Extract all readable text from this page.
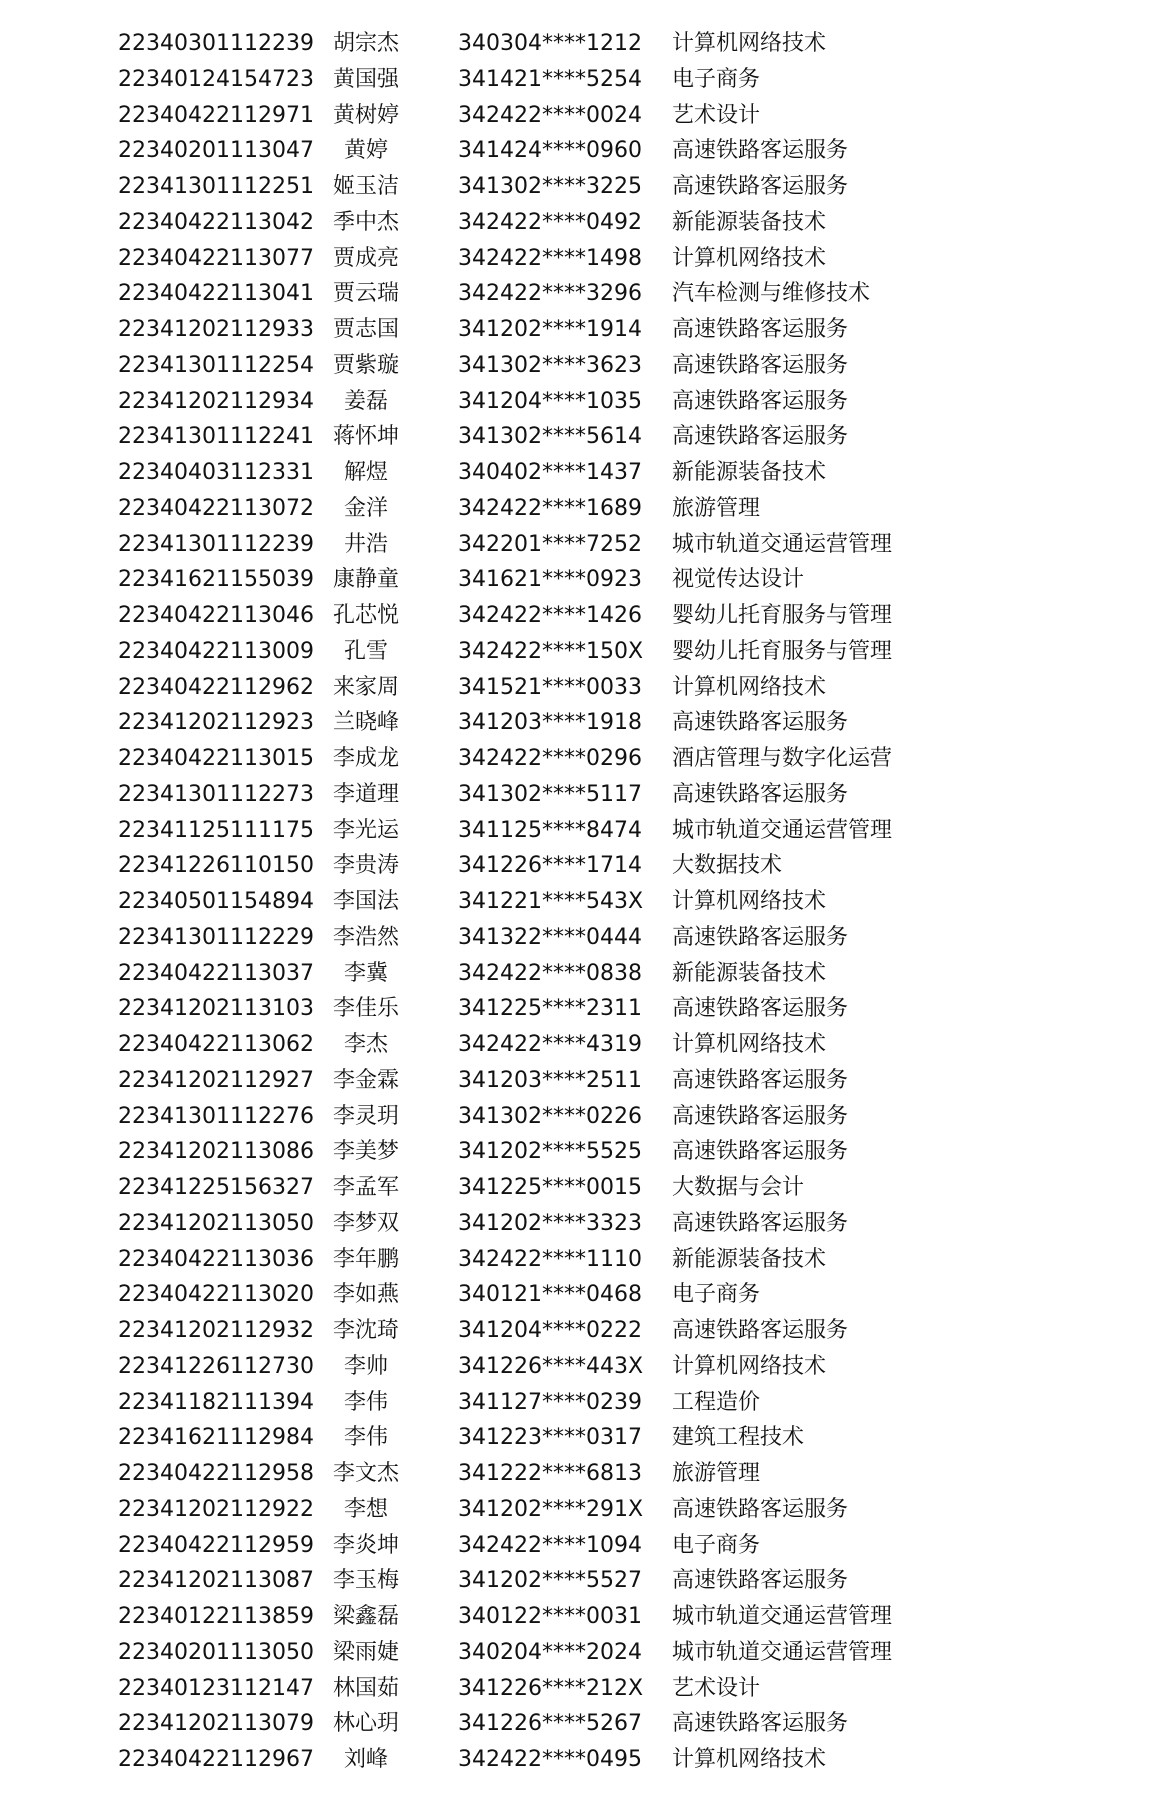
22340301112239 胡宗杰	340304****1212 计算机网络技术
22340124154723 黄国强	341421****5254 电子商务
22340422112971 黄树婷	342422****0024 艺术设计
22340201113047	黄婷	341424****0960 高速铁路客运服务
22341301112251 姬玉洁	341302****3225 高速铁路客运服务
22340422113042 季中杰	342422****0492 新能源装备技术
22340422113077 贾成亮	342422****1498 计算机网络技术
22340422113041 贾云瑞	342422****3296 汽车检测与维修技术
22341202112933 贾志国	341202****1914 高速铁路客运服务
22341301112254 贾紫璇	341302****3623 高速铁路客运服务
22341202112934	姜磊	341204****1035 高速铁路客运服务
22341301112241 蒋怀坤	341302****5614 高速铁路客运服务
22340403112331	解煜	340402****1437 新能源装备技术
22340422113072	金洋	342422****1689 旅游管理
22341301112239	井浩	342201****7252 城市轨道交通运营管理
22341621155039 康静童	341621****0923 视觉传达设计
22340422113046 孔芯悦	342422****1426 婴幼儿托育服务与管理
22340422113009	孔雪	342422****150X 婴幼儿托育服务与管理
22340422112962 来家周	341521****0033 计算机网络技术
22341202112923 兰晓峰	341203****1918 高速铁路客运服务
22340422113015 李成龙	342422****0296 酒店管理与数字化运营
22341301112273 李道理	341302****5117 高速铁路客运服务
22341125111175 李光运	341125****8474 城市轨道交通运营管理
22341226110150 李贵涛	341226****1714 大数据技术
22340501154894 李国法	341221****543X 计算机网络技术
22341301112229 李浩然	341322****0444 高速铁路客运服务
22340422113037	李冀	342422****0838 新能源装备技术
22341202113103 李佳乐	341225****2311 高速铁路客运服务
22340422113062	李杰	342422****4319 计算机网络技术
22341202112927 李金霖	341203****2511 高速铁路客运服务
22341301112276 李灵玥	341302****0226 高速铁路客运服务
22341202113086 李美梦	341202****5525 高速铁路客运服务
22341225156327 李孟军	341225****0015 大数据与会计
22341202113050 李梦双	341202****3323 高速铁路客运服务
22340422113036 李年鹏	342422****1110 新能源装备技术
22340422113020 李如燕	340121****0468 电子商务
22341202112932 李沈琦	341204****0222 高速铁路客运服务
22341226112730	李帅	341226****443X 计算机网络技术
22341182111394	李伟	341127****0239 工程造价
22341621112984	李伟	341223****0317 建筑工程技术
22340422112958 李文杰	341222****6813 旅游管理
22341202112922	李想	341202****291X 高速铁路客运服务
22340422112959 李炎坤	342422****1094 电子商务
22341202113087 李玉梅	341202****5527 高速铁路客运服务
22340122113859 梁鑫磊	340122****0031 城市轨道交通运营管理
22340201113050 梁雨婕	340204****2024 城市轨道交通运营管理
22340123112147 林国茹	341226****212X 艺术设计
22341202113079 林心玥	341226****5267 高速铁路客运服务
22340422112967	刘峰	342422****0495 计算机网络技术
